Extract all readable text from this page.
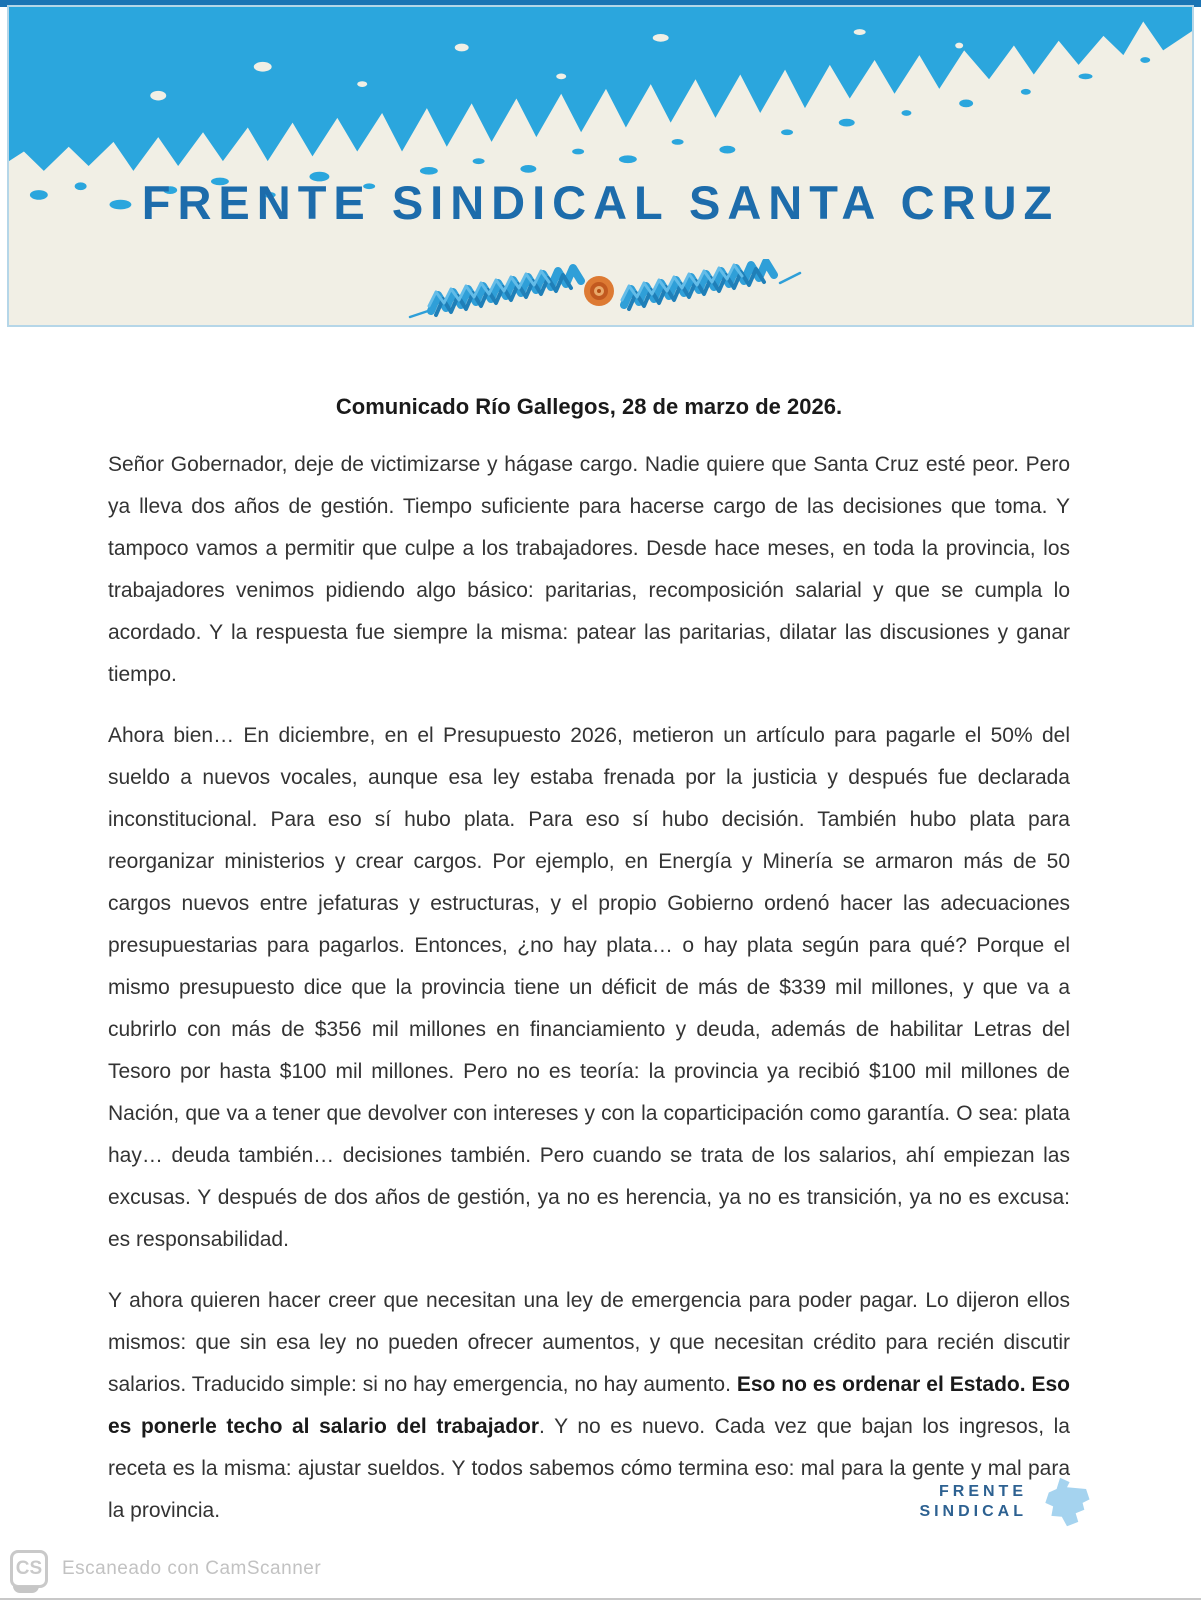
FRENTE SINDICAL SANTA CRUZ
Comunicado Río Gallegos, 28 de marzo de 2026.

Señor Gobernador, deje de victimizarse y hágase cargo. Nadie quiere que Santa Cruz esté peor. Pero ya lleva dos años de gestión. Tiempo suficiente para hacerse cargo de las decisiones que toma. Y tampoco vamos a permitir que culpe a los trabajadores. Desde hace meses, en toda la provincia, los trabajadores venimos pidiendo algo básico: paritarias, recomposición salarial y que se cumpla lo acordado. Y la respuesta fue siempre la misma: patear las paritarias, dilatar las discusiones y ganar tiempo.

Ahora bien… En diciembre, en el Presupuesto 2026, metieron un artículo para pagarle el 50% del sueldo a nuevos vocales, aunque esa ley estaba frenada por la justicia y después fue declarada inconstitucional. Para eso sí hubo plata. Para eso sí hubo decisión. También hubo plata para reorganizar ministerios y crear cargos. Por ejemplo, en Energía y Minería se armaron más de 50 cargos nuevos entre jefaturas y estructuras, y el propio Gobierno ordenó hacer las adecuaciones presupuestarias para pagarlos. Entonces, ¿no hay plata… o hay plata según para qué? Porque el mismo presupuesto dice que la provincia tiene un déficit de más de $339 mil millones, y que va a cubrirlo con más de $356 mil millones en financiamiento y deuda, además de habilitar Letras del Tesoro por hasta $100 mil millones. Pero no es teoría: la provincia ya recibió $100 mil millones de Nación, que va a tener que devolver con intereses y con la coparticipación como garantía. O sea: plata hay… deuda también… decisiones también. Pero cuando se trata de los salarios, ahí empiezan las excusas. Y después de dos años de gestión, ya no es herencia, ya no es transición, ya no es excusa: es responsabilidad.

Y ahora quieren hacer creer que necesitan una ley de emergencia para poder pagar. Lo dijeron ellos mismos: que sin esa ley no pueden ofrecer aumentos, y que necesitan crédito para recién discutir salarios. Traducido simple: si no hay emergencia, no hay aumento. Eso no es ordenar el Estado. Eso es ponerle techo al salario del trabajador. Y no es nuevo. Cada vez que bajan los ingresos, la receta es la misma: ajustar sueldos. Y todos sabemos cómo termina eso: mal para la gente y mal para la provincia.

FRENTE
SINDICAL
CS Escaneado con CamScanner
